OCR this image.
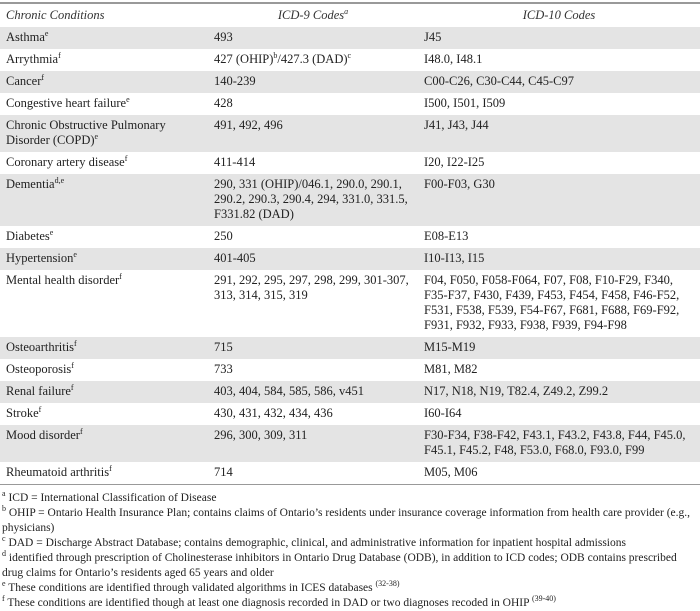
Chronic Conditions	ICD-9 Codes$^a$	ICD-10 Codes
Asthma$^e$	493	J45
Arrythmia$^f$	427 (OHIP)$^b$/427.3 (DAD)$^c$	I48.0, I48.1
Cancer$^f$	140-239	C00-C26, C30-C44, C45-C97
Congestive heart failure$^e$	428	I500, I501, I509
Chronic Obstructive Pulmonary Disorder (COPD)$^e$	491, 492, 496	J41, J43, J44
Coronary artery disease$^f$	411-414	I20, I22-I25
Dementia$^{d,e}$	290, 331 (OHIP)/046.1, 290.0, 290.1, 290.2, 290.3, 290.4, 294, 331.0, 331.5, F331.82 (DAD)	F00-F03, G30
Diabetes$^e$	250	E08-E13
Hypertension$^e$	401-405	I10-I13, I15
Mental health disorder$^f$	291, 292, 295, 297, 298, 299, 301-307, 313, 314, 315, 319	F04, F050, F058-F064, F07, F08, F10-F29, F340, F35-F37, F430, F439, F453, F454, F458, F46-F52, F531, F538, F539, F54-F67, F681, F688, F69-F92, F931, F932, F933, F938, F939, F94-F98
Osteoarthritis$^f$	715	M15-M19
Osteoporosis$^f$	733	M81, M82
Renal failure$^f$	403, 404, 584, 585, 586, v451	N17, N18, N19, T82.4, Z49.2, Z99.2
Stroke$^f$	430, 431, 432, 434, 436	I60-I64
Mood disorder$^f$	296, 300, 309, 311	F30-F34, F38-F42, F43.1, F43.2, F43.8, F44, F45.0, F45.1, F45.2, F48, F53.0, F68.0, F93.0, F99
Rheumatoid arthritis$^f$	714	M05, M06
$^a$ ICD = International Classification of Disease
$^b$ OHIP = Ontario Health Insurance Plan; contains claims of Ontario’s residents under insurance coverage information from health care provider (e.g., physicians)
$^c$ DAD = Discharge Abstract Database; contains demographic, clinical, and administrative information for inpatient hospital admissions
$^d$ identified through prescription of Cholinesterase inhibitors in Ontario Drug Database (ODB), in addition to ICD codes; ODB contains prescribed drug claims for Ontario’s residents aged 65 years and older
$^e$ These conditions are identified through validated algorithms in ICES databases $^{(32-38)}$
$^f$ These conditions are identified though at least one diagnosis recorded in DAD or two diagnoses recoded in OHIP $^{(39-40)}$
